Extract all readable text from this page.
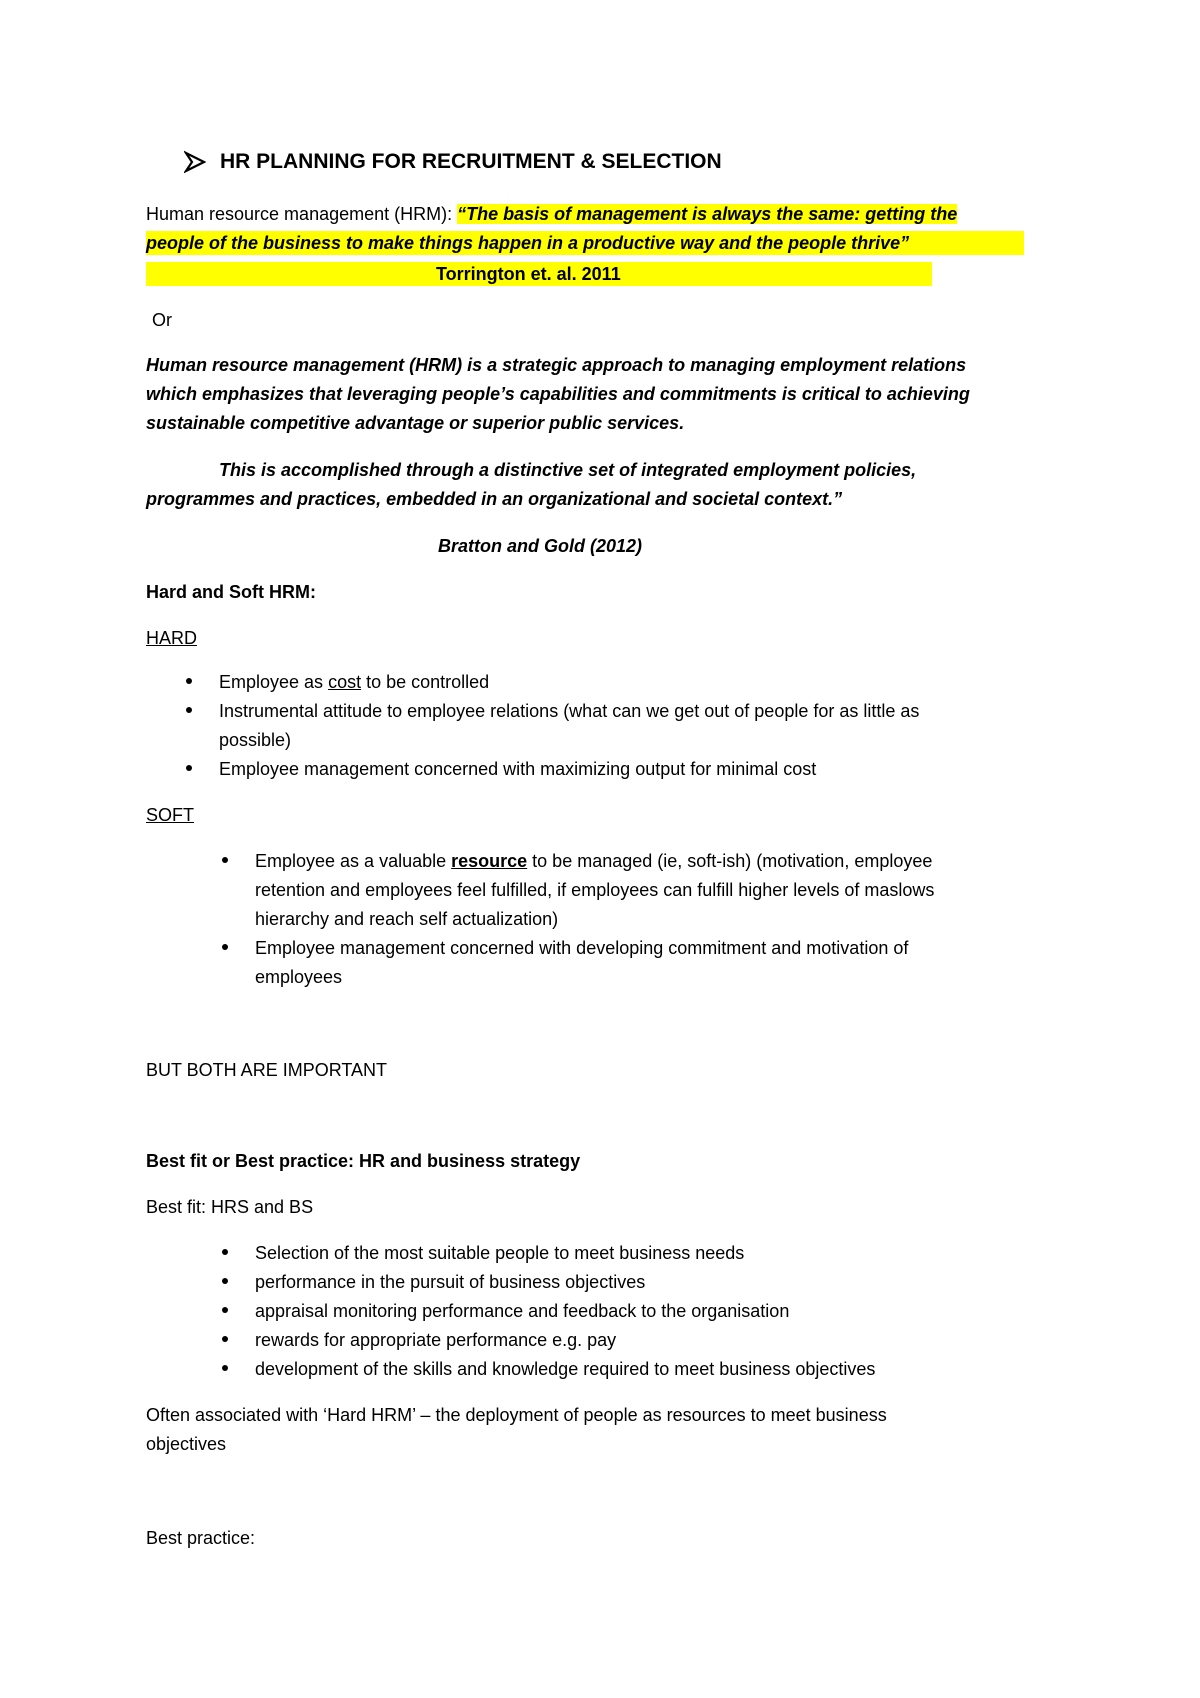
HR PLANNING FOR RECRUITMENT & SELECTION
Human resource management (HRM): “The basis of management is always the same: getting the
people of the business to make things happen in a productive way and the people thrive”
Torrington et. al. 2011
Or
Human resource management (HRM) is a strategic approach to managing employment relations
which emphasizes that leveraging people’s capabilities and commitments is critical to achieving
sustainable competitive advantage or superior public services.
This is accomplished through a distinctive set of integrated employment policies,
programmes and practices, embedded in an organizational and societal context.”
Bratton and Gold (2012)
Hard and Soft HRM:
HARD
Employee as cost to be controlled
Instrumental attitude to employee relations (what can we get out of people for as little as
possible)
Employee management concerned with maximizing output for minimal cost
SOFT
Employee as a valuable resource to be managed (ie, soft-ish) (motivation, employee
retention and employees feel fulfilled, if employees can fulfill higher levels of maslows
hierarchy and reach self actualization)
Employee management concerned with developing commitment and motivation of
employees
BUT BOTH ARE IMPORTANT
Best fit or Best practice: HR and business strategy
Best fit: HRS and BS
Selection of the most suitable people to meet business needs
performance in the pursuit of business objectives
appraisal monitoring performance and feedback to the organisation
rewards for appropriate performance e.g. pay
development of the skills and knowledge required to meet business objectives
Often associated with ‘Hard HRM’ – the deployment of people as resources to meet business
objectives
Best practice:
